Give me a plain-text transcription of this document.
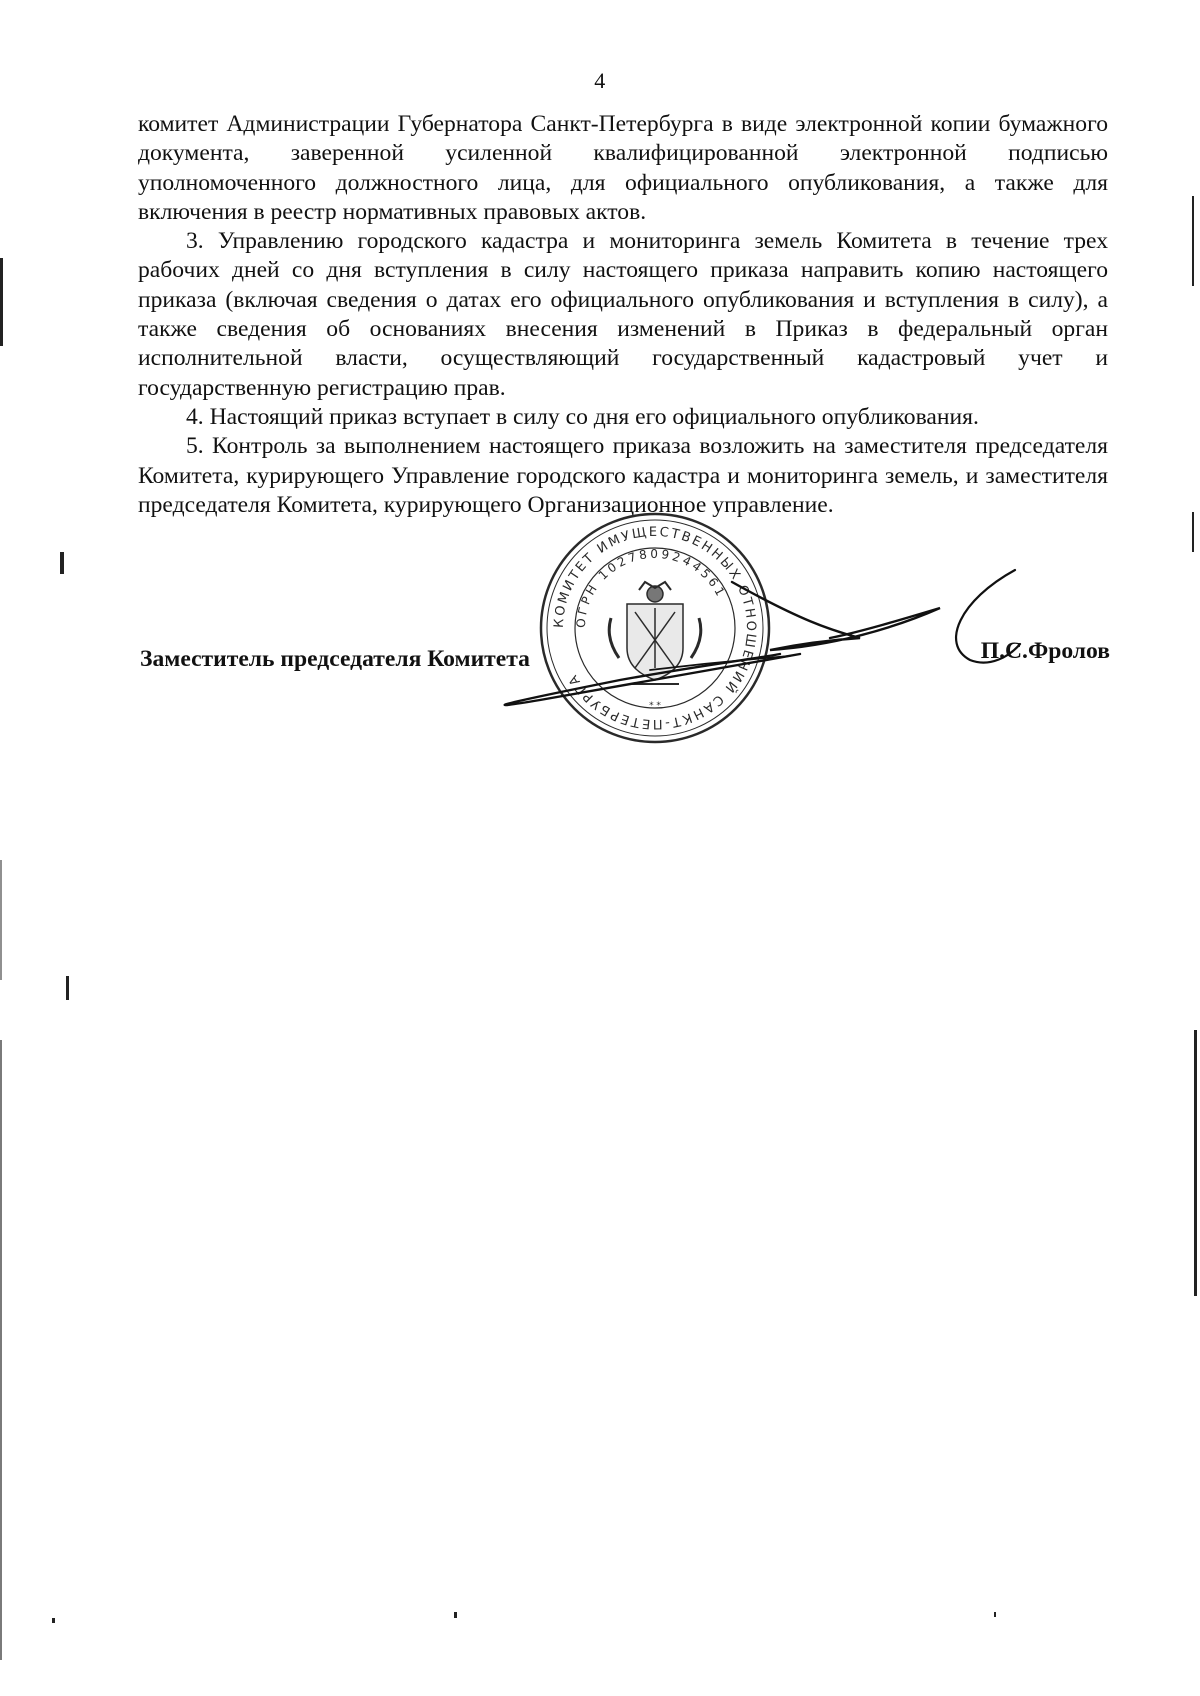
4

комитет Администрации Губернатора Санкт-Петербурга в виде электронной копии бумажного документа, заверенной усиленной квалифицированной электронной подписью уполномоченного должностного лица, для официального опубликования, а также для включения в реестр нормативных правовых актов.

3. Управлению городского кадастра и мониторинга земель Комитета в течение трех рабочих дней со дня вступления в силу настоящего приказа направить копию настоящего приказа (включая сведения о датах его официального опубликования и вступления в силу), а также сведения об основаниях внесения изменений в Приказ в федеральный орган исполнительной власти, осуществляющий государственный кадастровый учет и государственную регистрацию прав.

4. Настоящий приказ вступает в силу со дня его официального опубликования.

5. Контроль за выполнением настоящего приказа возложить на заместителя председателя Комитета, курирующего Управление городского кадастра и мониторинга земель, и заместителя председателя Комитета, курирующего Организационное управление.

КОМИТЕТ ИМУЩЕСТВЕННЫХ ОТНОШЕНИЙ САНКТ-ПЕТЕРБУРГА
ОГРН 1027809244561
* *
Заместитель председателя Комитета	П.С.Фролов
